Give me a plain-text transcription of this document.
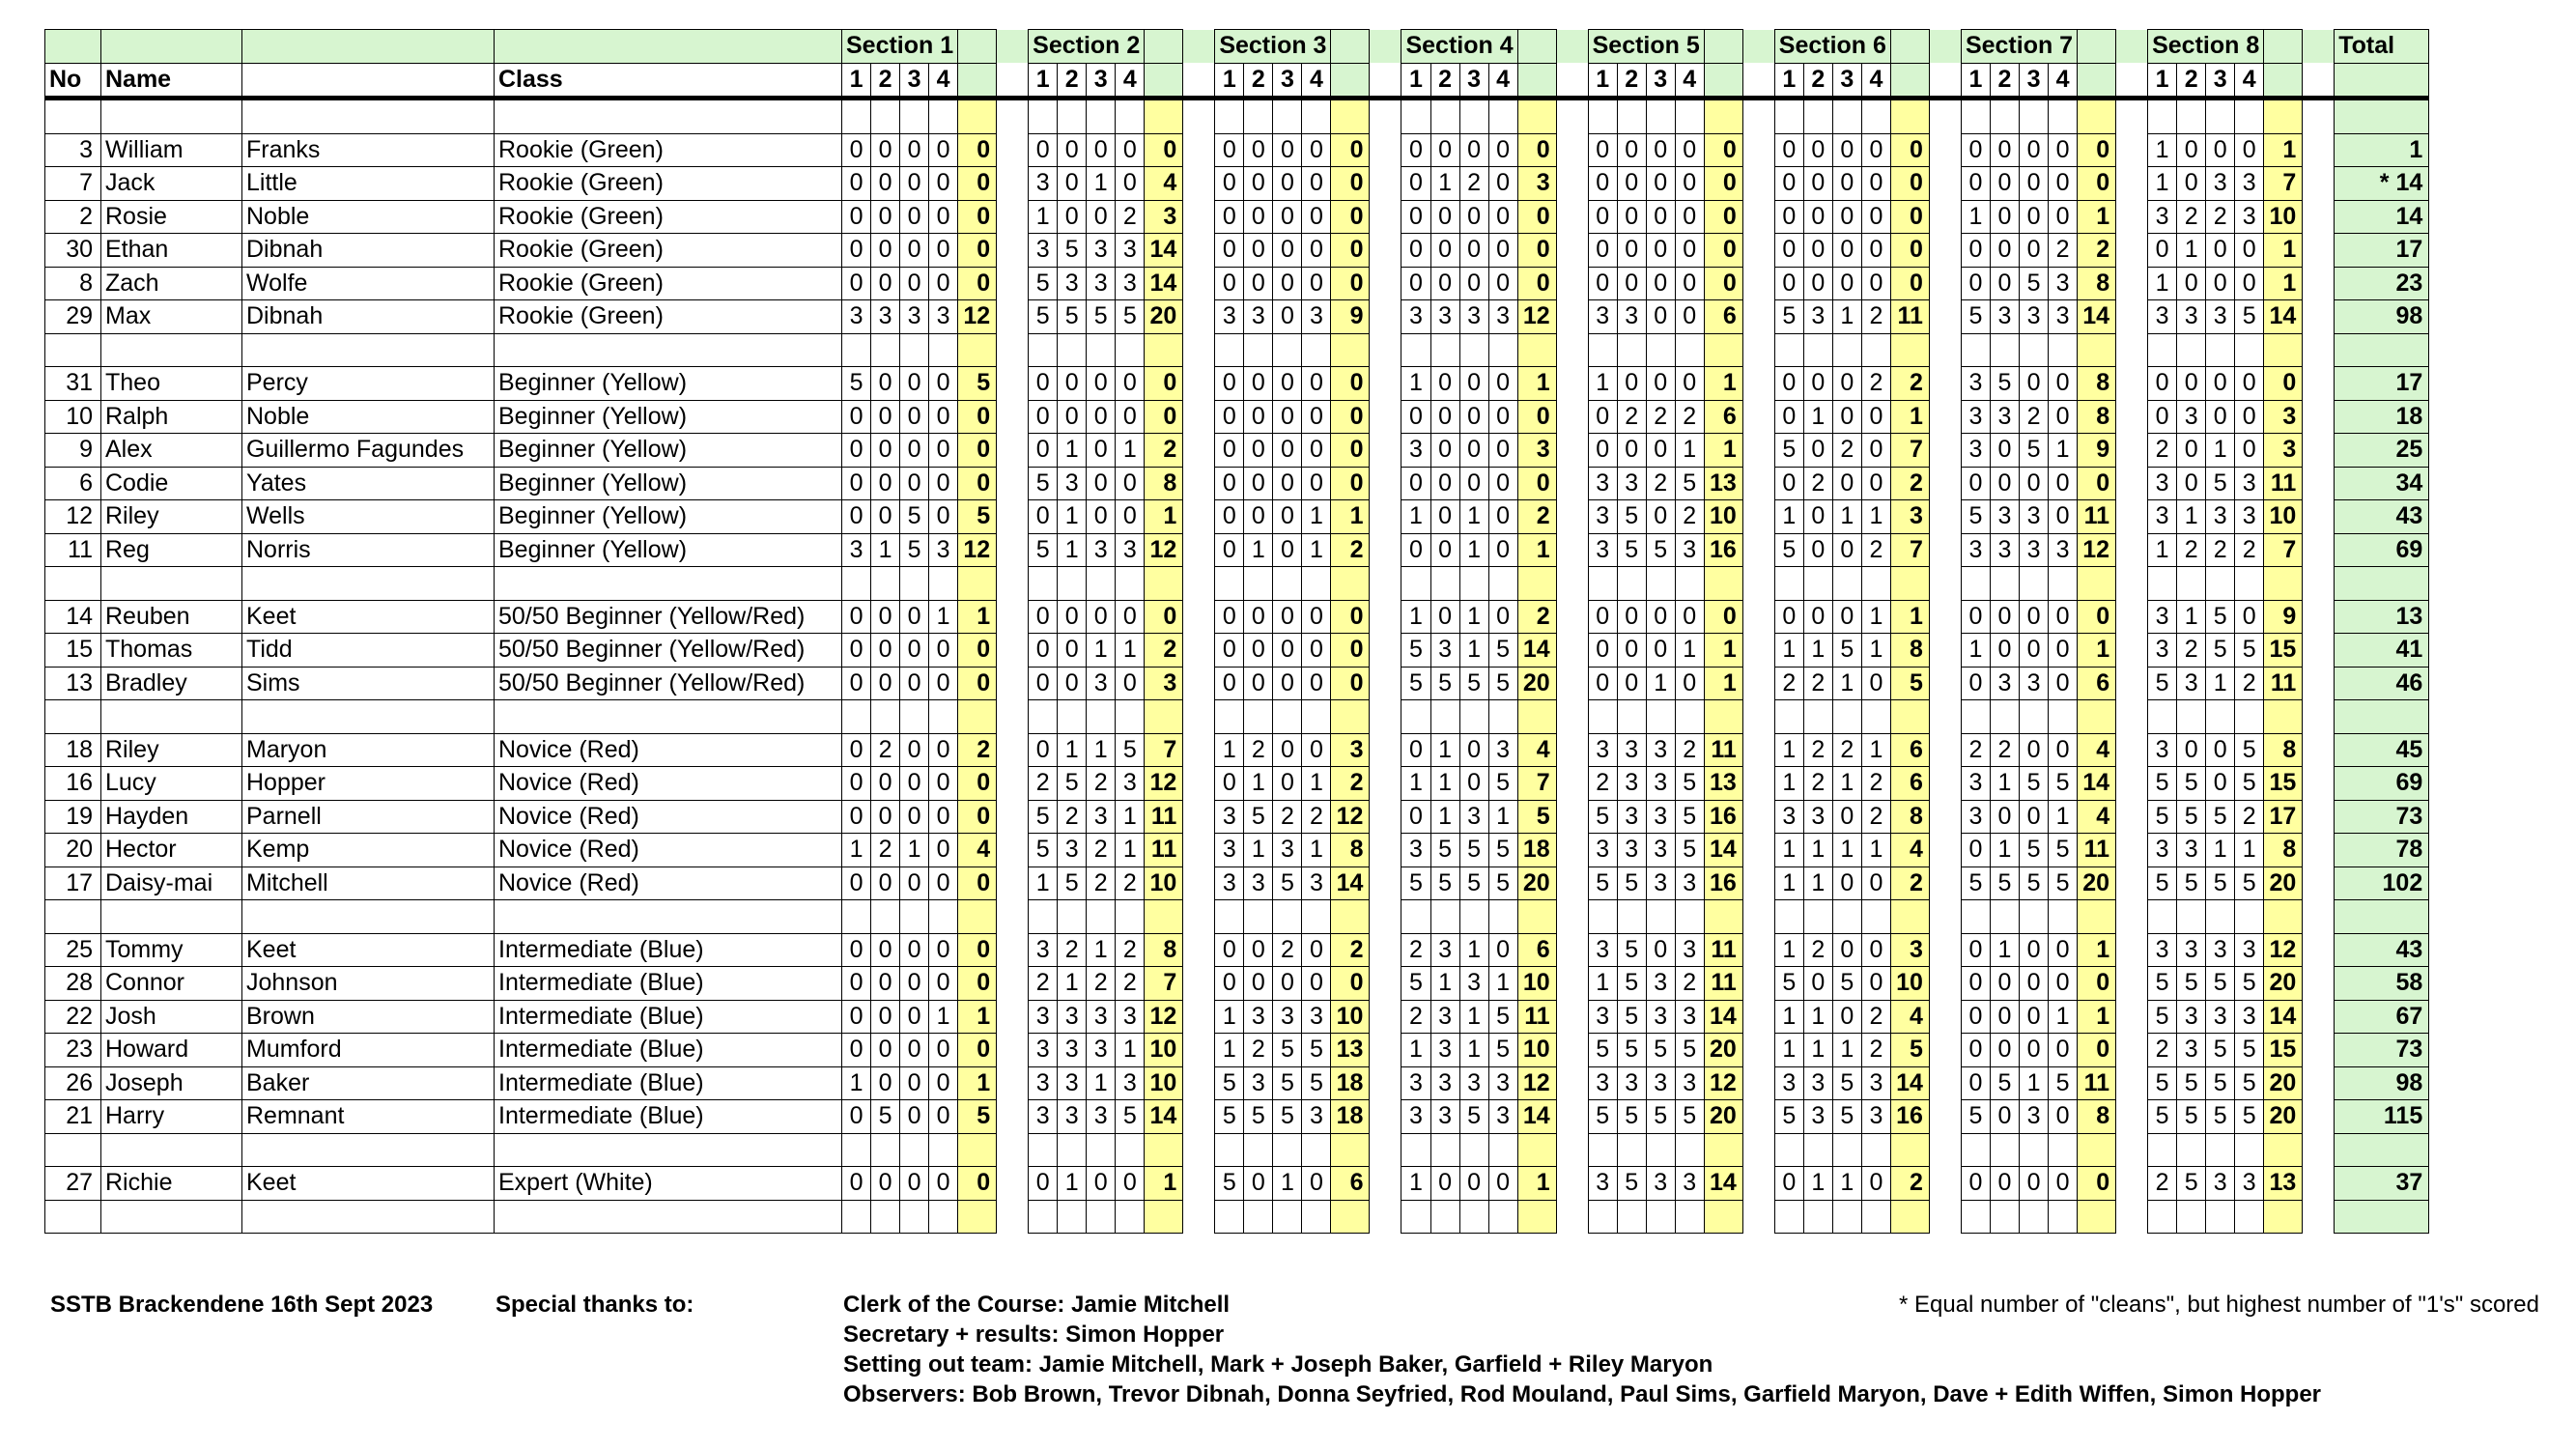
				Section 1						Section 2						Section 3						Section 4						Section 5						Section 6						Section 7						Section 8						Total
No	Name		Class	1	2	3	4			1	2	3	4			1	2	3	4			1	2	3	4			1	2	3	4			1	2	3	4			1	2	3	4			1	2	3	4			

3	William	Franks	Rookie (Green)	0	0	0	0	0		0	0	0	0	0		0	0	0	0	0		0	0	0	0	0		0	0	0	0	0		0	0	0	0	0		0	0	0	0	0		1	0	0	0	1		1
7	Jack	Little	Rookie (Green)	0	0	0	0	0		3	0	1	0	4		0	0	0	0	0		0	1	2	0	3		0	0	0	0	0		0	0	0	0	0		0	0	0	0	0		1	0	3	3	7		* 14
2	Rosie	Noble	Rookie (Green)	0	0	0	0	0		1	0	0	2	3		0	0	0	0	0		0	0	0	0	0		0	0	0	0	0		0	0	0	0	0		1	0	0	0	1		3	2	2	3	10		14
30	Ethan	Dibnah	Rookie (Green)	0	0	0	0	0		3	5	3	3	14		0	0	0	0	0		0	0	0	0	0		0	0	0	0	0		0	0	0	0	0		0	0	0	2	2		0	1	0	0	1		17
8	Zach	Wolfe	Rookie (Green)	0	0	0	0	0		5	3	3	3	14		0	0	0	0	0		0	0	0	0	0		0	0	0	0	0		0	0	0	0	0		0	0	5	3	8		1	0	0	0	1		23
29	Max	Dibnah	Rookie (Green)	3	3	3	3	12		5	5	5	5	20		3	3	0	3	9		3	3	3	3	12		3	3	0	0	6		5	3	1	2	11		5	3	3	3	14		3	3	3	5	14		98

31	Theo	Percy	Beginner (Yellow)	5	0	0	0	5		0	0	0	0	0		0	0	0	0	0		1	0	0	0	1		1	0	0	0	1		0	0	0	2	2		3	5	0	0	8		0	0	0	0	0		17
10	Ralph	Noble	Beginner (Yellow)	0	0	0	0	0		0	0	0	0	0		0	0	0	0	0		0	0	0	0	0		0	2	2	2	6		0	1	0	0	1		3	3	2	0	8		0	3	0	0	3		18
9	Alex	Guillermo Fagundes	Beginner (Yellow)	0	0	0	0	0		0	1	0	1	2		0	0	0	0	0		3	0	0	0	3		0	0	0	1	1		5	0	2	0	7		3	0	5	1	9		2	0	1	0	3		25
6	Codie	Yates	Beginner (Yellow)	0	0	0	0	0		5	3	0	0	8		0	0	0	0	0		0	0	0	0	0		3	3	2	5	13		0	2	0	0	2		0	0	0	0	0		3	0	5	3	11		34
12	Riley	Wells	Beginner (Yellow)	0	0	5	0	5		0	1	0	0	1		0	0	0	1	1		1	0	1	0	2		3	5	0	2	10		1	0	1	1	3		5	3	3	0	11		3	1	3	3	10		43
11	Reg	Norris	Beginner (Yellow)	3	1	5	3	12		5	1	3	3	12		0	1	0	1	2		0	0	1	0	1		3	5	5	3	16		5	0	0	2	7		3	3	3	3	12		1	2	2	2	7		69

14	Reuben	Keet	50/50 Beginner (Yellow/Red)	0	0	0	1	1		0	0	0	0	0		0	0	0	0	0		1	0	1	0	2		0	0	0	0	0		0	0	0	1	1		0	0	0	0	0		3	1	5	0	9		13
15	Thomas	Tidd	50/50 Beginner (Yellow/Red)	0	0	0	0	0		0	0	1	1	2		0	0	0	0	0		5	3	1	5	14		0	0	0	1	1		1	1	5	1	8		1	0	0	0	1		3	2	5	5	15		41
13	Bradley	Sims	50/50 Beginner (Yellow/Red)	0	0	0	0	0		0	0	3	0	3		0	0	0	0	0		5	5	5	5	20		0	0	1	0	1		2	2	1	0	5		0	3	3	0	6		5	3	1	2	11		46

18	Riley	Maryon	Novice (Red)	0	2	0	0	2		0	1	1	5	7		1	2	0	0	3		0	1	0	3	4		3	3	3	2	11		1	2	2	1	6		2	2	0	0	4		3	0	0	5	8		45
16	Lucy	Hopper	Novice (Red)	0	0	0	0	0		2	5	2	3	12		0	1	0	1	2		1	1	0	5	7		2	3	3	5	13		1	2	1	2	6		3	1	5	5	14		5	5	0	5	15		69
19	Hayden	Parnell	Novice (Red)	0	0	0	0	0		5	2	3	1	11		3	5	2	2	12		0	1	3	1	5		5	3	3	5	16		3	3	0	2	8		3	0	0	1	4		5	5	5	2	17		73
20	Hector	Kemp	Novice (Red)	1	2	1	0	4		5	3	2	1	11		3	1	3	1	8		3	5	5	5	18		3	3	3	5	14		1	1	1	1	4		0	1	5	5	11		3	3	1	1	8		78
17	Daisy-mai	Mitchell	Novice (Red)	0	0	0	0	0		1	5	2	2	10		3	3	5	3	14		5	5	5	5	20		5	5	3	3	16		1	1	0	0	2		5	5	5	5	20		5	5	5	5	20		102

25	Tommy	Keet	Intermediate (Blue)	0	0	0	0	0		3	2	1	2	8		0	0	2	0	2		2	3	1	0	6		3	5	0	3	11		1	2	0	0	3		0	1	0	0	1		3	3	3	3	12		43
28	Connor	Johnson	Intermediate (Blue)	0	0	0	0	0		2	1	2	2	7		0	0	0	0	0		5	1	3	1	10		1	5	3	2	11		5	0	5	0	10		0	0	0	0	0		5	5	5	5	20		58
22	Josh	Brown	Intermediate (Blue)	0	0	0	1	1		3	3	3	3	12		1	3	3	3	10		2	3	1	5	11		3	5	3	3	14		1	1	0	2	4		0	0	0	1	1		5	3	3	3	14		67
23	Howard	Mumford	Intermediate (Blue)	0	0	0	0	0		3	3	3	1	10		1	2	5	5	13		1	3	1	5	10		5	5	5	5	20		1	1	1	2	5		0	0	0	0	0		2	3	5	5	15		73
26	Joseph	Baker	Intermediate (Blue)	1	0	0	0	1		3	3	1	3	10		5	3	5	5	18		3	3	3	3	12		3	3	3	3	12		3	3	5	3	14		0	5	1	5	11		5	5	5	5	20		98
21	Harry	Remnant	Intermediate (Blue)	0	5	0	0	5		3	3	3	5	14		5	5	5	3	18		3	3	5	3	14		5	5	5	5	20		5	3	5	3	16		5	0	3	0	8		5	5	5	5	20		115

27	Richie	Keet	Expert (White)	0	0	0	0	0		0	1	0	0	1		5	0	1	0	6		1	0	0	0	1		3	5	3	3	14		0	1	1	0	2		0	0	0	0	0		2	5	3	3	13		37

SSTB Brackendene 16th Sept 2023	Special thanks to:	Clerk of the Course: Jamie Mitchell
Secretary + results: Simon Hopper
Setting out team: Jamie Mitchell, Mark + Joseph Baker, Garfield + Riley Maryon
Observers: Bob Brown, Trevor Dibnah, Donna Seyfried, Rod Mouland, Paul Sims, Garfield Maryon, Dave + Edith Wiffen, Simon Hopper
* Equal number of "cleans", but highest number of "1's" scored
